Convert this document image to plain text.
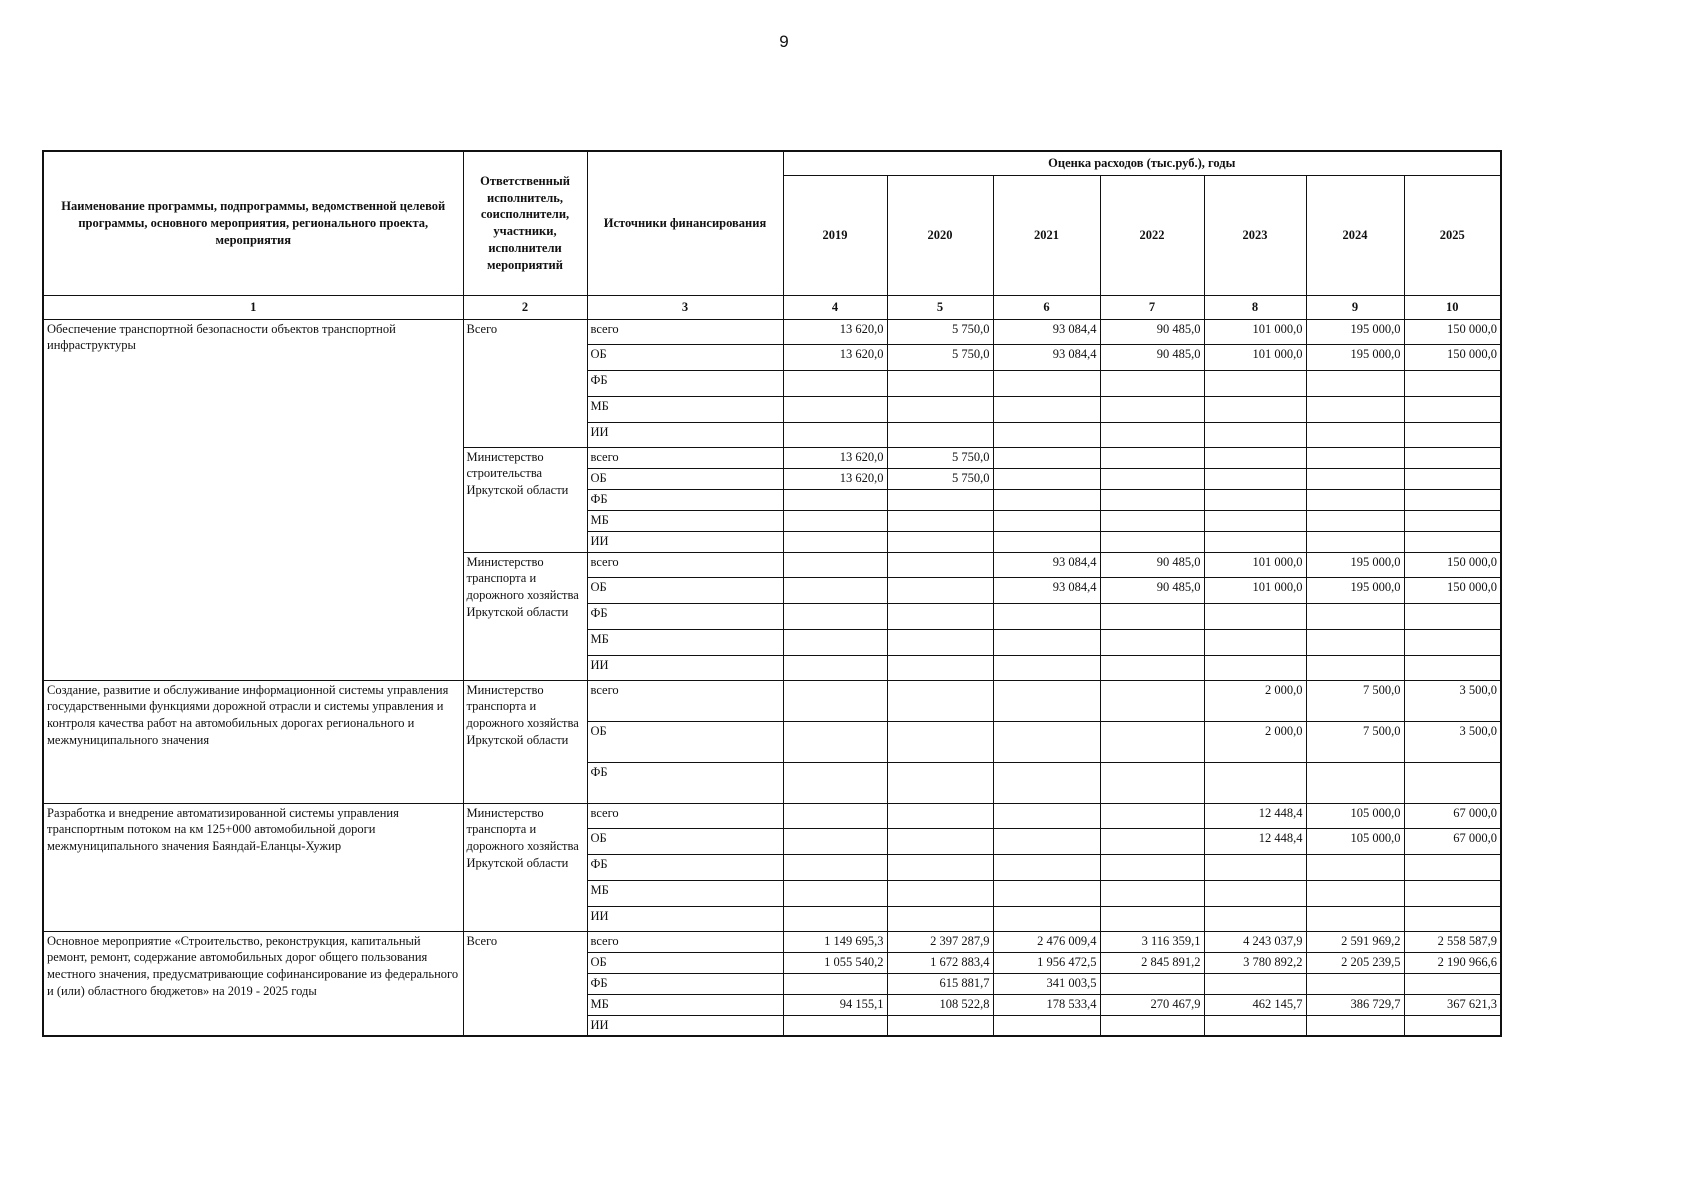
9
Наименование программы, подпрограммы, ведомственной целевой программы, основного мероприятия, регионального проекта, мероприятия	Ответственный исполнитель, соисполнители, участники, исполнители мероприятий	Источники финансирования	Оценка расходов (тыс.руб.), годы						
			2019	2020	2021	2022	2023	2024	2025
1	2	3	4	5	6	7	8	9	10
Обеспечение транспортной безопасности объектов транспортной инфраструктуры	Всего	всего	13 620,0	5 750,0	93 084,4	90 485,0	101 000,0	195 000,0	150 000,0
		ОБ	13 620,0	5 750,0	93 084,4	90 485,0	101 000,0	195 000,0	150 000,0
		ФБ							
		МБ							
		ИИ							
	Министерство строительства Иркутской области	всего	13 620,0	5 750,0					
		ОБ	13 620,0	5 750,0					
		ФБ							
		МБ							
		ИИ							
	Министерство транспорта и дорожного хозяйства Иркутской области	всего			93 084,4	90 485,0	101 000,0	195 000,0	150 000,0
		ОБ			93 084,4	90 485,0	101 000,0	195 000,0	150 000,0
		ФБ							
		МБ							
		ИИ							
Создание, развитие и обслуживание информационной системы управления государственными функциями дорожной отрасли и системы управления и контроля качества работ на автомобильных дорогах регионального и межмуниципального значения	Министерство транспорта и дорожного хозяйства Иркутской области	всего					2 000,0	7 500,0	3 500,0
		ОБ					2 000,0	7 500,0	3 500,0
		ФБ							
Разработка и внедрение автоматизированной системы управления транспортным потоком на км 125+000 автомобильной дороги межмуниципального значения Баяндай-Еланцы-Хужир	Министерство транспорта и дорожного хозяйства Иркутской области	всего					12 448,4	105 000,0	67 000,0
		ОБ					12 448,4	105 000,0	67 000,0
		ФБ							
		МБ							
		ИИ							
Основное мероприятие «Строительство, реконструкция, капитальный ремонт, ремонт, содержание автомобильных дорог общего пользования местного значения, предусматривающие софинансирование из федерального и (или) областного бюджетов» на 2019 - 2025 годы	Всего	всего	1 149 695,3	2 397 287,9	2 476 009,4	3 116 359,1	4 243 037,9	2 591 969,2	2 558 587,9
		ОБ	1 055 540,2	1 672 883,4	1 956 472,5	2 845 891,2	3 780 892,2	2 205 239,5	2 190 966,6
		ФБ		615 881,7	341 003,5				
		МБ	94 155,1	108 522,8	178 533,4	270 467,9	462 145,7	386 729,7	367 621,3
		ИИ							
